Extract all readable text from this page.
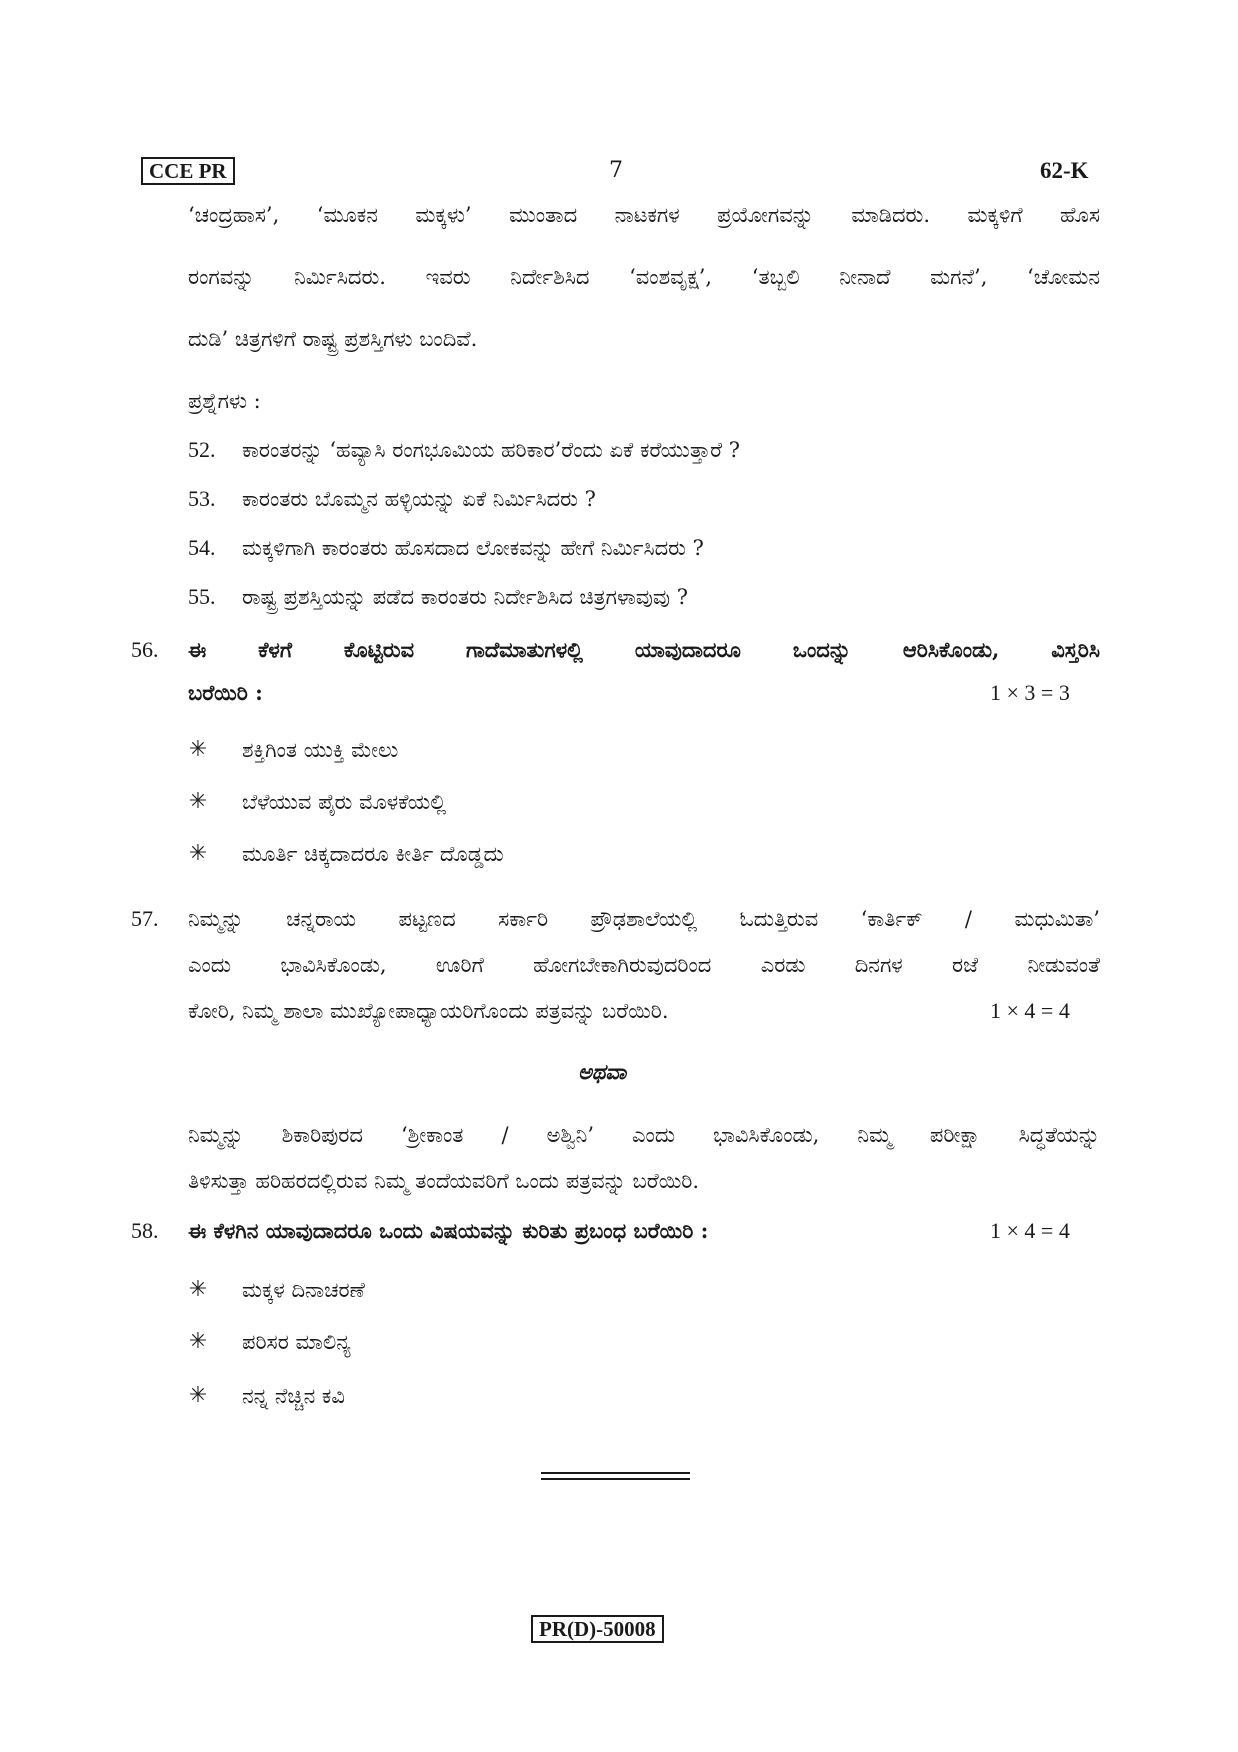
CCE PR	7	62-K
‘ಚಂದ್ರಹಾಸ’, ‘ಮೂಕನ ಮಕ್ಕಳು’ ಮುಂತಾದ ನಾಟಕಗಳ ಪ್ರಯೋಗವನ್ನು ಮಾಡಿದರು. ಮಕ್ಕಳಿಗೆ ಹೊಸ
ರಂಗವನ್ನು ನಿರ್ಮಿಸಿದರು. ಇವರು ನಿರ್ದೇಶಿಸಿದ ‘ವಂಶವೃಕ್ಷ’, ‘ತಬ್ಬಲಿ ನೀನಾದೆ ಮಗನೆ’, ‘ಚೋಮನ
ದುಡಿ’ ಚಿತ್ರಗಳಿಗೆ ರಾಷ್ಟ್ರ ಪ್ರಶಸ್ತಿಗಳು ಬಂದಿವೆ.
ಪ್ರಶ್ನೆಗಳು :
52. ಕಾರಂತರನ್ನು ‘ಹವ್ಯಾಸಿ ರಂಗಭೂಮಿಯ ಹರಿಕಾರ’ರೆಂದು ಏಕೆ ಕರೆಯುತ್ತಾರೆ ?
53. ಕಾರಂತರು ಬೊಮ್ಮನ ಹಳ್ಳಿಯನ್ನು ಏಕೆ ನಿರ್ಮಿಸಿದರು ?
54. ಮಕ್ಕಳಿಗಾಗಿ ಕಾರಂತರು ಹೊಸದಾದ ಲೋಕವನ್ನು ಹೇಗೆ ನಿರ್ಮಿಸಿದರು ?
55. ರಾಷ್ಟ್ರ ಪ್ರಶಸ್ತಿಯನ್ನು ಪಡೆದ ಕಾರಂತರು ನಿರ್ದೇಶಿಸಿದ ಚಿತ್ರಗಳಾವುವು ?
56. ಈ ಕೆಳಗೆ ಕೊಟ್ಟಿರುವ ಗಾದೆಮಾತುಗಳಲ್ಲಿ ಯಾವುದಾದರೂ ಒಂದನ್ನು ಆರಿಸಿಕೊಂಡು, ವಿಸ್ತರಿಸಿ
ಬರೆಯಿರಿ :	1 × 3 = 3
✳ ಶಕ್ತಿಗಿಂತ ಯುಕ್ತಿ ಮೇಲು
✳ ಬೆಳೆಯುವ ಪೈರು ಮೊಳಕೆಯಲ್ಲಿ
✳ ಮೂರ್ತಿ ಚಿಕ್ಕದಾದರೂ ಕೀರ್ತಿ ದೊಡ್ಡದು
57. ನಿಮ್ಮನ್ನು ಚನ್ನರಾಯ ಪಟ್ಟಣದ ಸರ್ಕಾರಿ ಪ್ರೌಢಶಾಲೆಯಲ್ಲಿ ಓದುತ್ತಿರುವ ‘ಕಾರ್ತಿಕ್ / ಮಧುಮಿತಾ’
ಎಂದು ಭಾವಿಸಿಕೊಂಡು, ಊರಿಗೆ ಹೋಗಬೇಕಾಗಿರುವುದರಿಂದ ಎರಡು ದಿನಗಳ ರಜೆ ನೀಡುವಂತೆ
ಕೋರಿ, ನಿಮ್ಮ ಶಾಲಾ ಮುಖ್ಯೋಪಾಧ್ಯಾಯರಿಗೊಂದು ಪತ್ರವನ್ನು ಬರೆಯಿರಿ.	1 × 4 = 4
ಅಥವಾ
ನಿಮ್ಮನ್ನು ಶಿಕಾರಿಪುರದ ‘ಶ್ರೀಕಾಂತ / ಅಶ್ವಿನಿ’ ಎಂದು ಭಾವಿಸಿಕೊಂಡು, ನಿಮ್ಮ ಪರೀಕ್ಷಾ ಸಿದ್ಧತೆಯನ್ನು
ತಿಳಿಸುತ್ತಾ ಹರಿಹರದಲ್ಲಿರುವ ನಿಮ್ಮ ತಂದೆಯವರಿಗೆ ಒಂದು ಪತ್ರವನ್ನು ಬರೆಯಿರಿ.
58. ಈ ಕೆಳಗಿನ ಯಾವುದಾದರೂ ಒಂದು ವಿಷಯವನ್ನು ಕುರಿತು ಪ್ರಬಂಧ ಬರೆಯಿರಿ :	1 × 4 = 4
✳ ಮಕ್ಕಳ ದಿನಾಚರಣೆ
✳ ಪರಿಸರ ಮಾಲಿನ್ಯ
✳ ನನ್ನ ನೆಚ್ಚಿನ ಕವಿ
PR(D)-50008
